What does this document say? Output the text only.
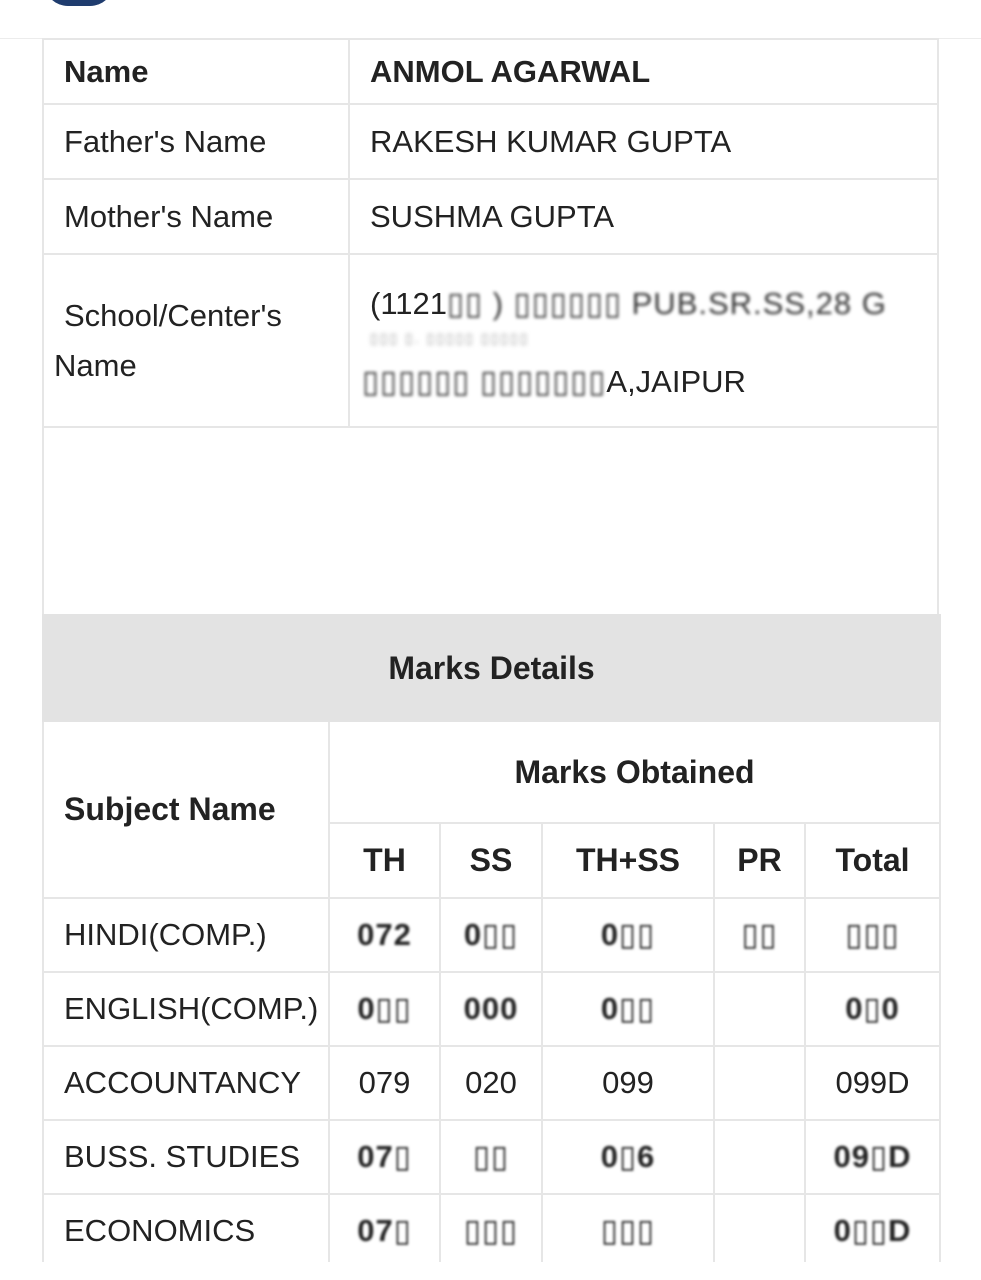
Name	ANMOL AGARWAL
Father's Name	RAKESH KUMAR GUPTA
Mother's Name	SUSHMA GUPTA
School/Center's
Name	(1121▯▯ ) ▯▯▯▯▯▯ PUB.SR.SS,28 G
▯▯▯ ▯. ▯▯▯▯▯ ▯▯▯▯▯
▯▯▯▯▯▯ ▯▯▯▯▯▯▯A,JAIPUR

Marks Details					
Subject Name	Marks Obtained				
	TH	SS	TH+SS	PR	Total
HINDI(COMP.)	072	0▯▯	0▯▯	▯▯	▯▯▯
ENGLISH(COMP.)	0▯▯	000	0▯▯		0▯0
ACCOUNTANCY	079	020	099		099D
BUSS. STUDIES	07▯	▯▯	0▯6		09▯D
ECONOMICS	07▯	▯▯▯	▯▯▯		0▯▯D
